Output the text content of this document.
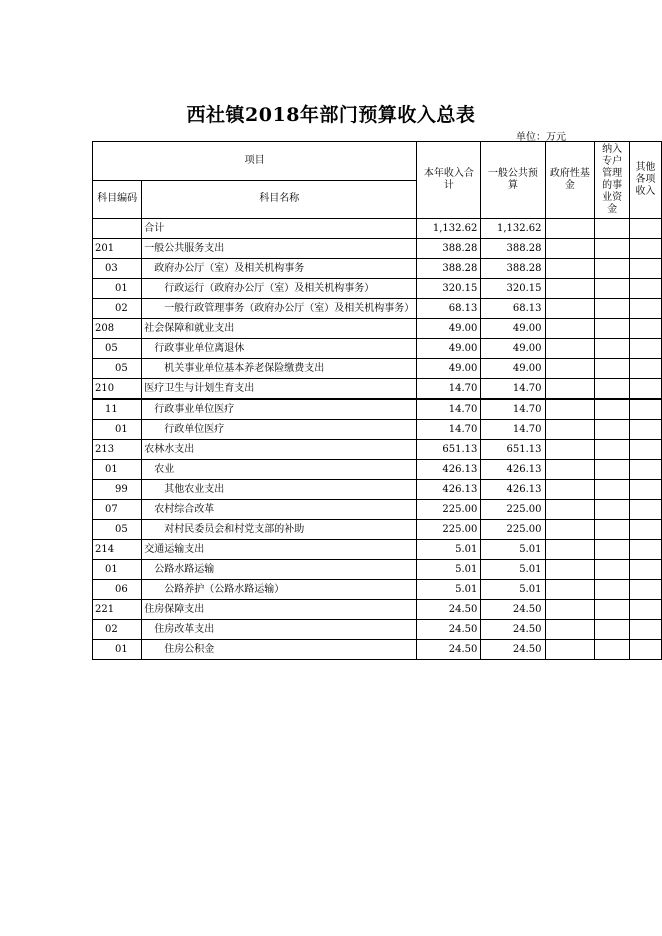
西社镇2018年部门预算收入总表
单位：万元
项目		本年收入合计	一般公共预算	政府性基金	纳入专户管理的事业资金	其他各项收入
科目编码	科目名称					
	合计	1,132.62	1,132.62			
201	一般公共服务支出	388.28	388.28			
03	政府办公厅（室）及相关机构事务	388.28	388.28			
01	行政运行（政府办公厅（室）及相关机构事务）	320.15	320.15			
02	一般行政管理事务（政府办公厅（室）及相关机构事务）	68.13	68.13			
208	社会保障和就业支出	49.00	49.00			
05	行政事业单位离退休	49.00	49.00			
05	机关事业单位基本养老保险缴费支出	49.00	49.00			
210	医疗卫生与计划生育支出	14.70	14.70			
11	行政事业单位医疗	14.70	14.70			
01	行政单位医疗	14.70	14.70			
213	农林水支出	651.13	651.13			
01	农业	426.13	426.13			
99	其他农业支出	426.13	426.13			
07	农村综合改革	225.00	225.00			
05	对村民委员会和村党支部的补助	225.00	225.00			
214	交通运输支出	5.01	5.01			
01	公路水路运输	5.01	5.01			
06	公路养护（公路水路运输）	5.01	5.01			
221	住房保障支出	24.50	24.50			
02	住房改革支出	24.50	24.50			
01	住房公积金	24.50	24.50			
